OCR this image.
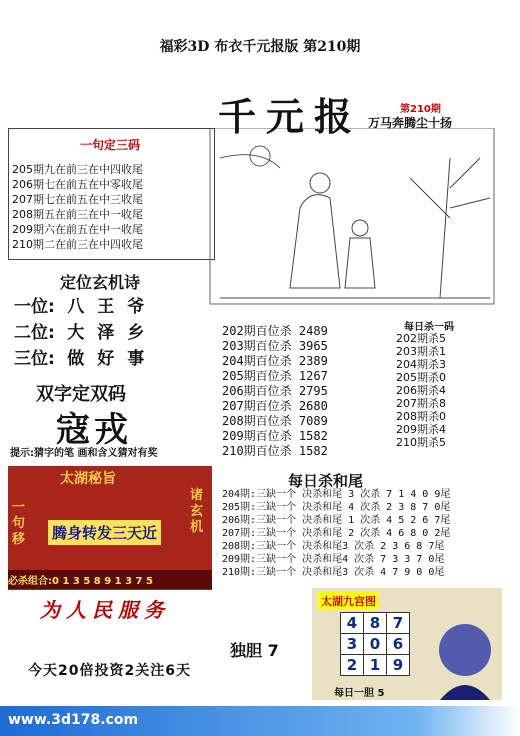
福彩3D 布衣千元报版 第210期
千元报	第210期
万马奔腾尘十扬
一句定三码
205期九在前三在中四收尾
206期七在前五在中零收尾
207期七在前五在中三收尾
208期五在前三在中一收尾
209期六在前五在中一收尾
210期二在前三在中四收尾
定位玄机诗
一位: 八 王 爷
二位: 大 泽 乡
三位: 做 好 事
双字定双码
寇戎
提示:猜字的笔 画和含义猜对有奖
202期百位杀 2489
203期百位杀 3965
204期百位杀 2389
205期百位杀 1267
206期百位杀 2795
207期百位杀 2680
208期百位杀 7089
209期百位杀 1582
210期百位杀 1582
每日杀一码
202期杀5
203期杀1
204期杀3
205期杀0
206期杀4
207期杀8
208期杀0
209期杀4
210期杀5
太湖秘旨
一句移
诸玄机
腾身转发三天近
必杀组合:0 1 3 5 8 9 1 3 7 5
每日杀和尾
204期:三缺一个 决杀和尾 3 次杀 7 1 4 0 9尾
205期:三缺一个 决杀和尾 4 次杀 2 3 8 7 0尾
206期:三缺一个 决杀和尾 1 次杀 4 5 2 6 7尾
207期:三缺一个 决杀和尾 2 次杀 4 6 8 0 2尾
208期:三缺一个 决杀和尾3 次杀 2 3 6 8 7尾
209期:三缺一个 决杀和尾4 次杀 7 3 3 7 0尾
210期:三缺一个 决杀和尾3 次杀 4 7 9 0 0尾
为人民服务
独胆 7
今天20倍投资2关注6天
太湖九宫图
4	8	7
3	0	6
2	1	9
每日一胆 5
www.3d178.com
